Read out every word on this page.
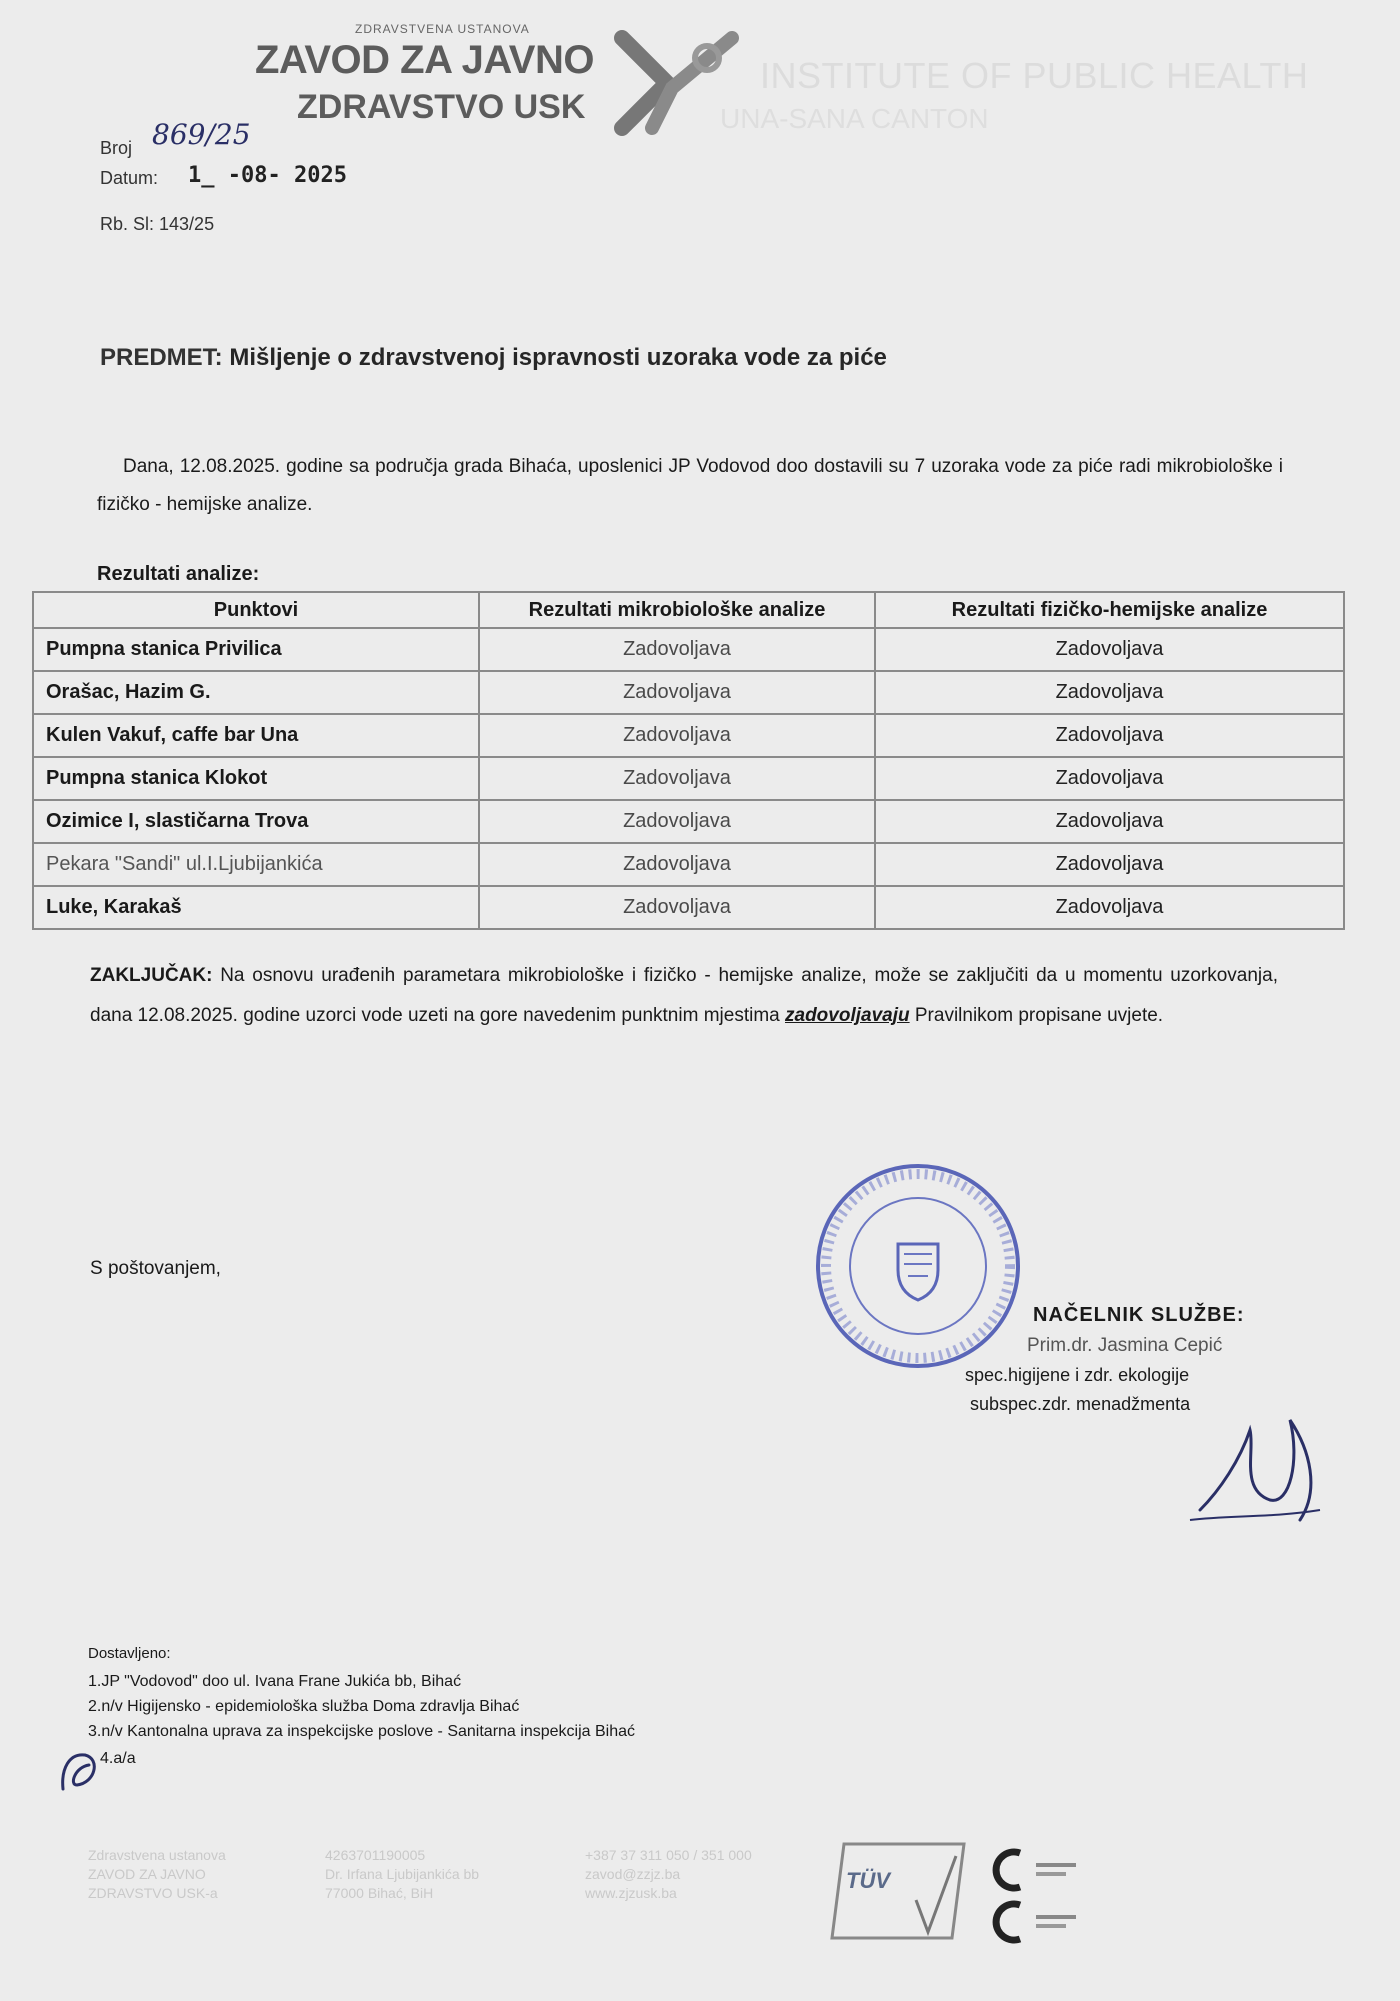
ZDRAVSTVENA USTANOVA
ZAVOD ZA JAVNO
ZDRAVSTVO USK
INSTITUTE OF PUBLIC HEALTH
UNA-SANA CANTON
Broj 869/25
Datum: 1_ -08- 2025
Rb. Sl: 143/25
PREDMET: Mišljenje o zdravstvenoj ispravnosti uzoraka vode za piće
Dana, 12.08.2025. godine sa područja grada Bihaća, uposlenici JP Vodovod doo dostavili su 7 uzoraka vode za piće radi mikrobiološke i fizičko - hemijske analize.
Rezultati analize:
Punktovi	Rezultati mikrobiološke analize	Rezultati fizičko-hemijske analize
Pumpna stanica Privilica	Zadovoljava	Zadovoljava
Orašac, Hazim G.	Zadovoljava	Zadovoljava
Kulen Vakuf, caffe bar Una	Zadovoljava	Zadovoljava
Pumpna stanica Klokot	Zadovoljava	Zadovoljava
Ozimice I, slastičarna Trova	Zadovoljava	Zadovoljava
Pekara "Sandi" ul.I.Ljubijankića	Zadovoljava	Zadovoljava
Luke, Karakaš	Zadovoljava	Zadovoljava
ZAKLJUČAK: Na osnovu urađenih parametara mikrobiološke i fizičko - hemijske analize, može se zaključiti da u momentu uzorkovanja, dana 12.08.2025. godine uzorci vode uzeti na gore navedenim punktnim mjestima zadovoljavaju Pravilnikom propisane uvjete.
S poštovanjem,
NAČELNIK SLUŽBE:
Prim.dr. Jasmina Cepić
spec.higijene i zdr. ekologije
subspec.zdr. menadžmenta
Dostavljeno:
1.JP "Vodovod" doo ul. Ivana Frane Jukića bb, Bihać
2.n/v Higijensko - epidemiološka služba Doma zdravlja Bihać
3.n/v Kantonalna uprava za inspekcijske poslove - Sanitarna inspekcija Bihać
4.a/a
Zdravstvena ustanova
ZAVOD ZA JAVNO
ZDRAVSTVO USK-a
4263701190005
Dr. Irfana Ljubijankića bb
77000 Bihać, BiH
+387 37 311 050 / 351 000
zavod@zzjz.ba
www.zjzusk.ba	TÜV
